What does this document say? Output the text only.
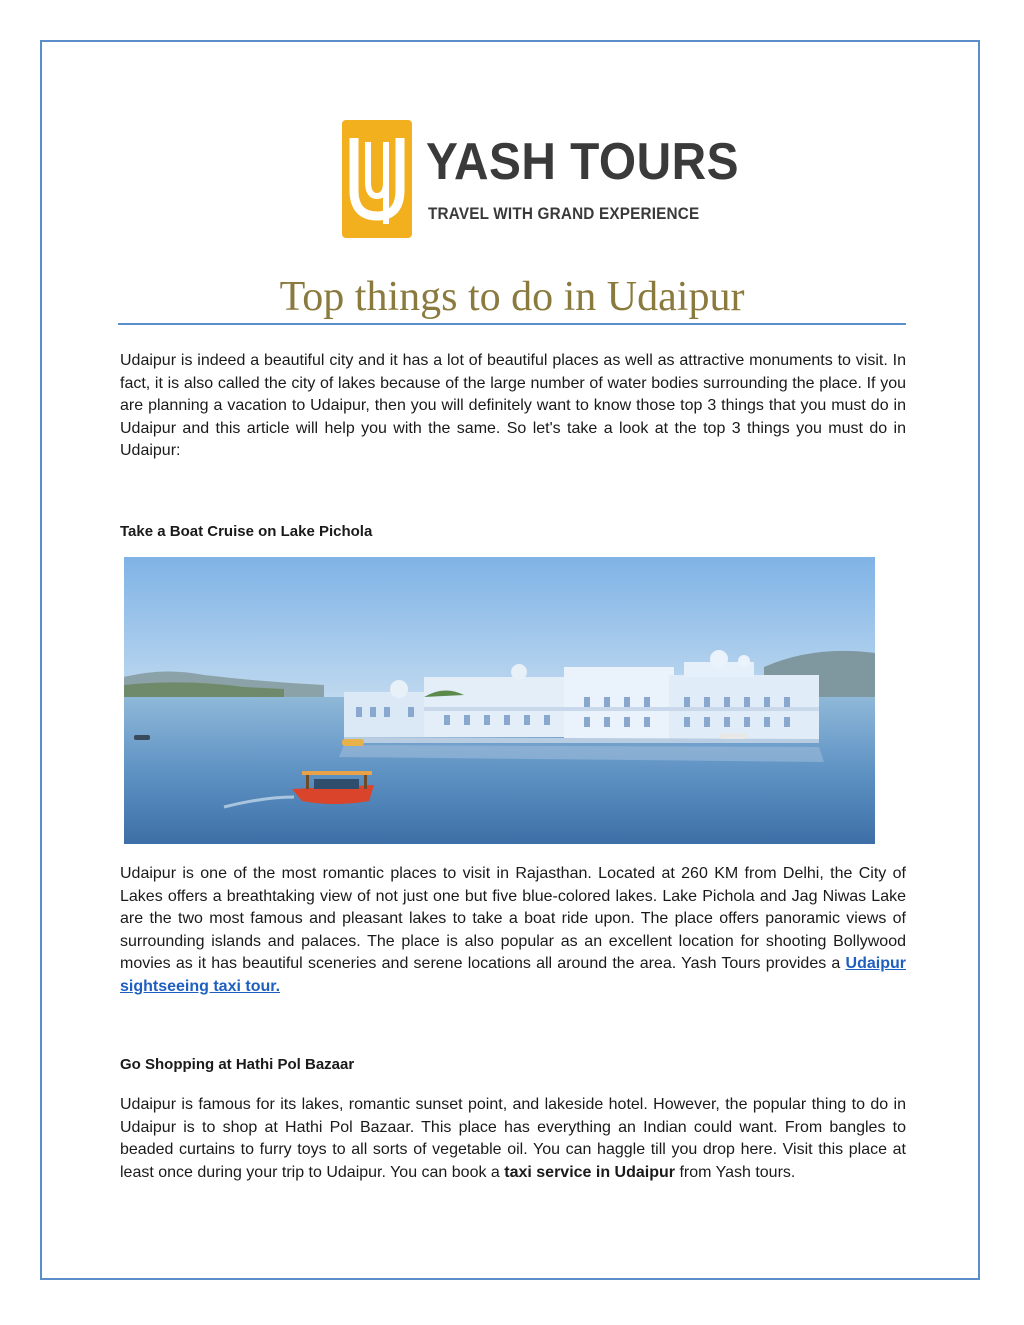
YASH TOURS
TRAVEL WITH GRAND EXPERIENCE
Top things to do in Udaipur
Udaipur is indeed a beautiful city and it has a lot of beautiful places as well as attractive monuments to visit. In fact, it is also called the city of lakes because of the large number of water bodies surrounding the place. If you are planning a vacation to Udaipur, then you will definitely want to know those top 3 things that you must do in Udaipur and this article will help you with the same. So let's take a look at the top 3 things you must do in Udaipur:
Take a Boat Cruise on Lake Pichola
Udaipur is one of the most romantic places to visit in Rajasthan. Located at 260 KM from Delhi, the City of Lakes offers a breathtaking view of not just one but five blue-colored lakes. Lake Pichola and Jag Niwas Lake are the two most famous and pleasant lakes to take a boat ride upon. The place offers panoramic views of surrounding islands and palaces. The place is also popular as an excellent location for shooting Bollywood movies as it has beautiful sceneries and serene locations all around the area. Yash Tours provides a Udaipur sightseeing taxi tour.
Go Shopping at Hathi Pol Bazaar
Udaipur is famous for its lakes, romantic sunset point, and lakeside hotel. However, the popular thing to do in Udaipur is to shop at Hathi Pol Bazaar. This place has everything an Indian could want. From bangles to beaded curtains to furry toys to all sorts of vegetable oil. You can haggle till you drop here. Visit this place at least once during your trip to Udaipur. You can book a taxi service in Udaipur from Yash tours.
